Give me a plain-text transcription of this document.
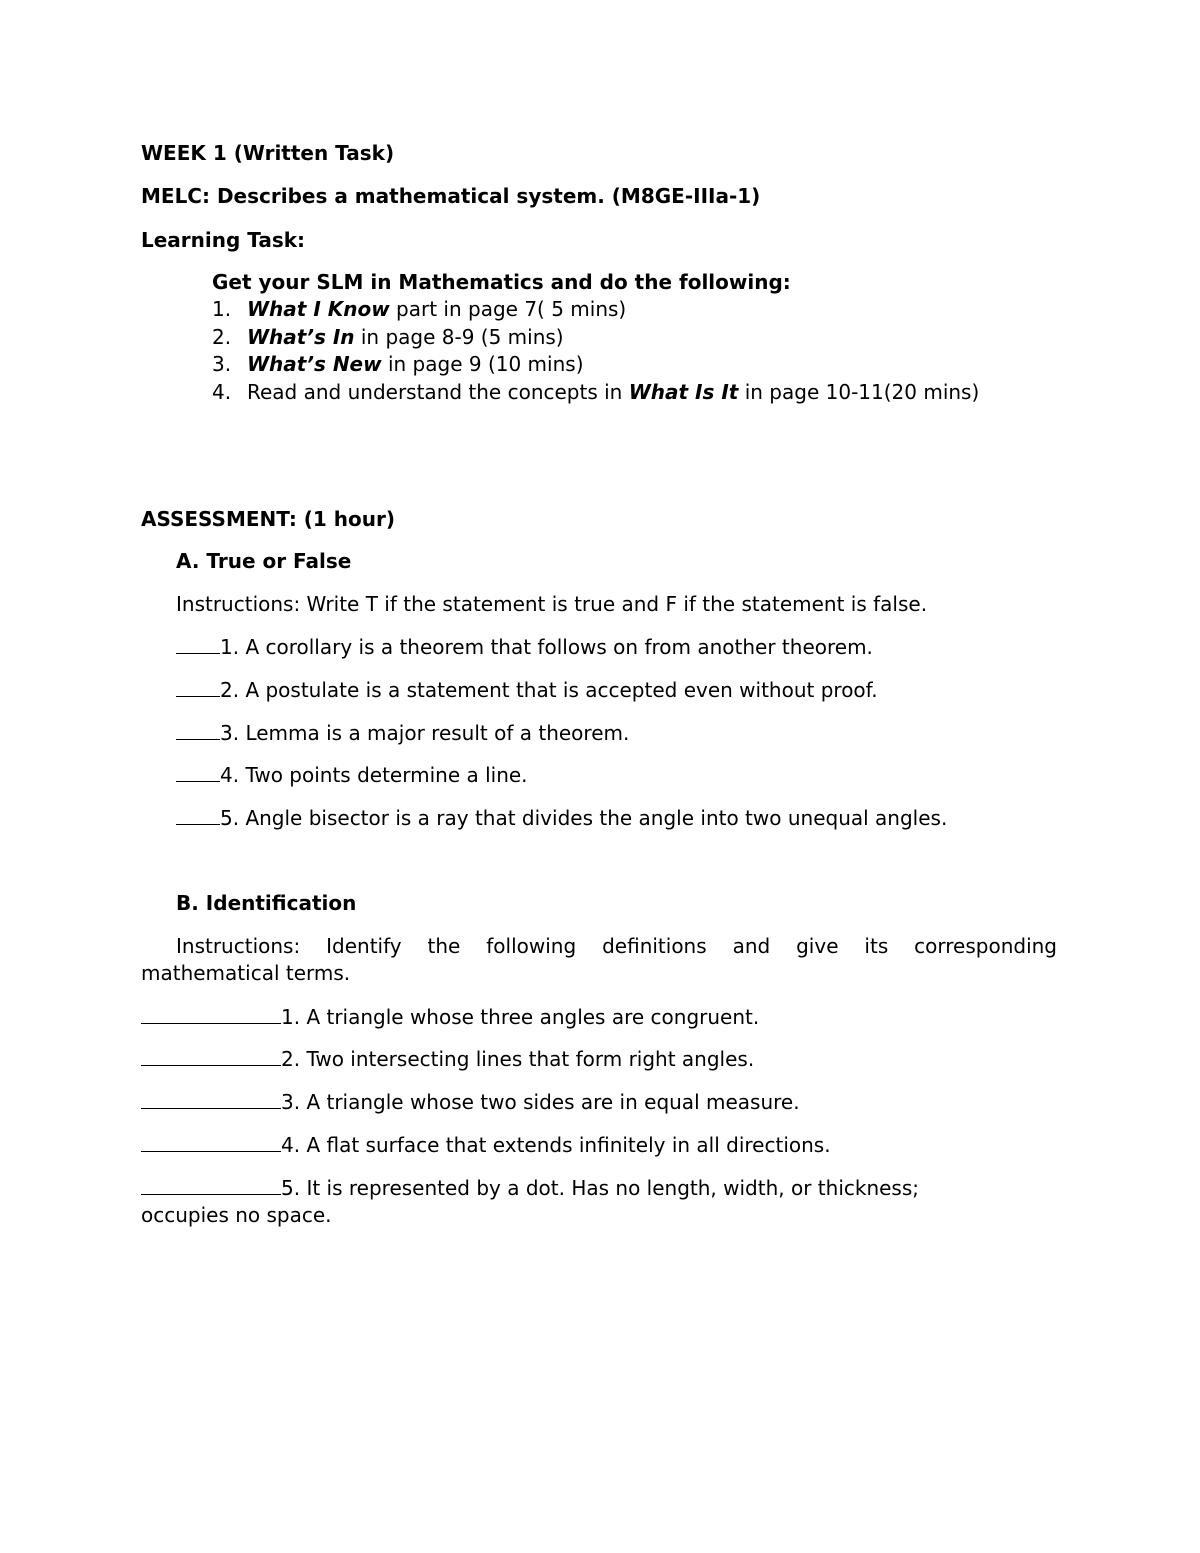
WEEK 1 (Written Task)
MELC: Describes a mathematical system. (M8GE-IIIa-1)
Learning Task:
Get your SLM in Mathematics and do the following:
1. What I Know part in page 7( 5 mins)
2. What’s In in page 8-9 (5 mins)
3. What’s New in page 9 (10 mins)
4. Read and understand the concepts in What Is It in page 10-11(20 mins)
ASSESSMENT: (1 hour)
A. True or False
Instructions: Write T if the statement is true and F if the statement is false.
1. A corollary is a theorem that follows on from another theorem.
2. A postulate is a statement that is accepted even without proof.
3. Lemma is a major result of a theorem.
4. Two points determine a line.
5. Angle bisector is a ray that divides the angle into two unequal angles.
B. Identification
Instructions: Identify the following definitions and give its corresponding
mathematical terms.
1. A triangle whose three angles are congruent.
2. Two intersecting lines that form right angles.
3. A triangle whose two sides are in equal measure.
4. A flat surface that extends infinitely in all directions.
5. It is represented by a dot. Has no length, width, or thickness;
occupies no space.
